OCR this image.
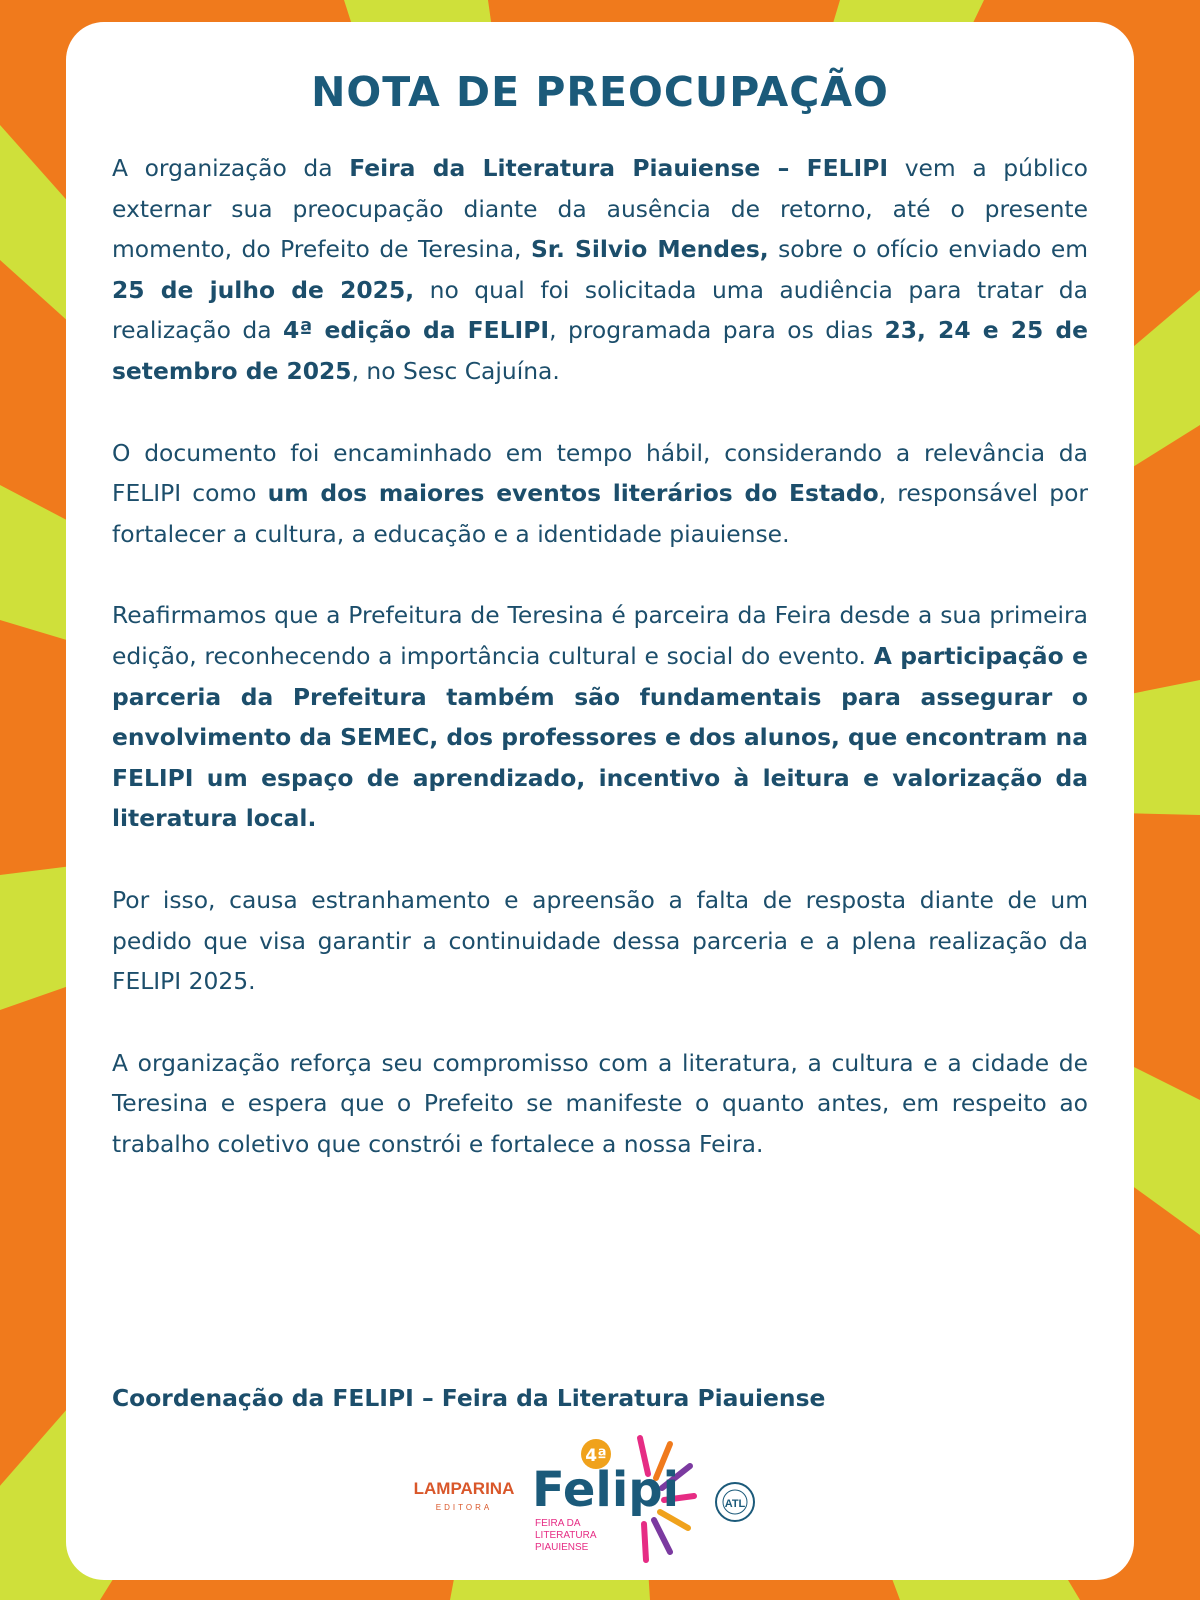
NOTA DE PREOCUPAÇÃO

A organização da Feira da Literatura Piauiense – FELIPI vem a público externar sua preocupação diante da ausência de retorno, até o presente momento, do Prefeito de Teresina, Sr. Silvio Mendes, sobre o ofício enviado em 25 de julho de 2025, no qual foi solicitada uma audiência para tratar da realização da 4ª edição da FELIPI, programada para os dias 23, 24 e 25 de setembro de 2025, no Sesc Cajuína.

O documento foi encaminhado em tempo hábil, considerando a relevância da FELIPI como um dos maiores eventos literários do Estado, responsável por fortalecer a cultura, a educação e a identidade piauiense.

Reafirmamos que a Prefeitura de Teresina é parceira da Feira desde a sua primeira edição, reconhecendo a importância cultural e social do evento. A participação e parceria da Prefeitura também são fundamentais para assegurar o envolvimento da SEMEC, dos professores e dos alunos, que encontram na FELIPI um espaço de aprendizado, incentivo à leitura e valorização da literatura local.

Por isso, causa estranhamento e apreensão a falta de resposta diante de um pedido que visa garantir a continuidade dessa parceria e a plena realização da FELIPI 2025.

A organização reforça seu compromisso com a literatura, a cultura e a cidade de Teresina e espera que o Prefeito se manifeste o quanto antes, em respeito ao trabalho coletivo que constrói e fortalece a nossa Feira.

Coordenação da FELIPI – Feira da Literatura Piauiense

LAMPARINA
EDITORA
4ª
Felipi
FEIRA DA
LITERATURA
PIAUIENSE
ATL
